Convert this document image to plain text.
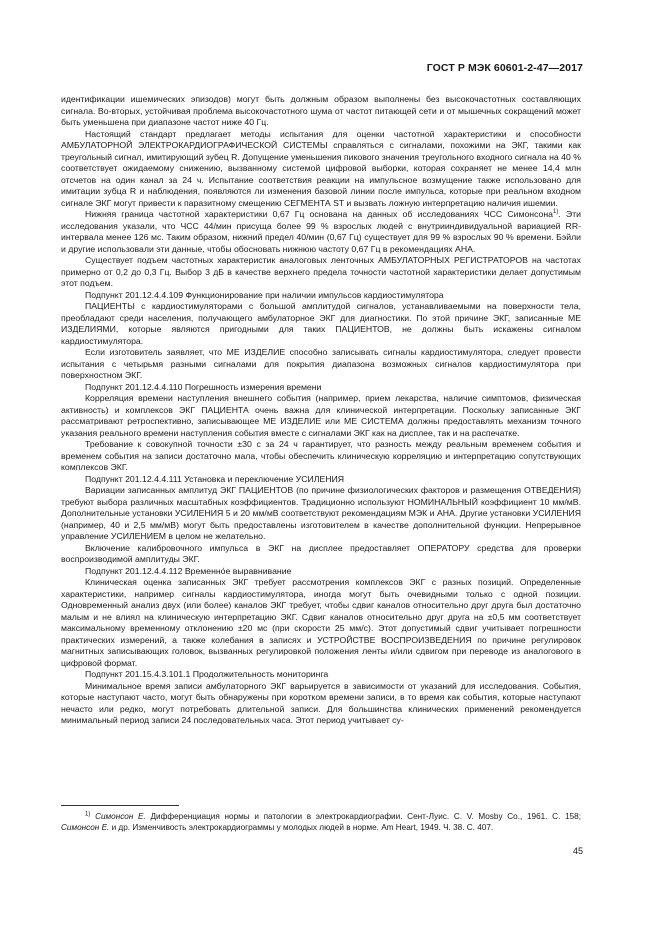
ГОСТ Р МЭК 60601-2-47—2017

идентификации ишемических эпизодов) могут быть должным образом выполнены без высокочастотных составляющих сигнала. Во-вторых, устойчивая проблема высокочастотного шума от частот питающей сети и от мышечных сокращений может быть уменьшена при диапазоне частот ниже 40 Гц.

Настоящий стандарт предлагает методы испытания для оценки частотной характеристики и способности АМБУЛАТОРНОЙ ЭЛЕКТРОКАРДИОГРАФИЧЕСКОЙ СИСТЕМЫ справляться с сигналами, похожими на ЭКГ, такими как треугольный сигнал, имитирующий зубец R. Допущение уменьшения пикового значения треугольного входного сигнала на 40 % соответствует ожидаемому снижению, вызванному системой цифровой выборки, которая сохраняет не менее 14,4 млн отсчетов на один канал за 24 ч. Испытание соответствия реакции на импульсное возмущение также использовано для имитации зубца R и наблюдения, появляются ли изменения базовой линии после импульса, которые при реальном входном сигнале ЭКГ могут привести к паразитному смещению СЕГМЕНТА ST и вызвать ложную интерпретацию наличия ишемии.

Нижняя граница частотной характеристики 0,67 Гц основана на данных об исследованиях ЧСС Симонсона$^{1)}$. Эти исследования указали, что ЧСС 44/мин присуща более 99 % взрослых людей с внутрииндивидуальной вариацией RR-интервала менее 126 мс. Таким образом, нижний предел 40/мин (0,67 Гц) существует для 99 % взрослых 90 % времени. Бэйли и другие использовали эти данные, чтобы обосновать нижнюю частоту 0,67 Гц в рекомендациях АНА.

Существует подъем частотных характеристик аналоговых ленточных АМБУЛАТОРНЫХ РЕГИСТРАТОРОВ на частотах примерно от 0,2 до 0,3 Гц. Выбор 3 дБ в качестве верхнего предела точности частотной характеристики делает допустимым этот подъем.

Подпункт 201.12.4.4.109 Функционирование при наличии импульсов кардиостимулятора

ПАЦИЕНТЫ с кардиостимуляторами с большой амплитудой сигналов, устанавливаемыми на поверхности тела, преобладают среди населения, получающего амбулаторное ЭКГ для диагностики. По этой причине ЭКГ, записанные МЕ ИЗДЕЛИЯМИ, которые являются пригодными для таких ПАЦИЕНТОВ, не должны быть искажены сигналом кардиостимулятора.

Если изготовитель заявляет, что МЕ ИЗДЕЛИЕ способно записывать сигналы кардиостимулятора, следует провести испытания с четырьмя разными сигналами для покрытия диапазона возможных сигналов кардиостимулятора при поверхностном ЭКГ.

Подпункт 201.12.4.4.110 Погрешность измерения времени

Корреляция времени наступления внешнего события (например, прием лекарства, наличие симптомов, физическая активность) и комплексов ЭКГ ПАЦИЕНТА очень важна для клинической интерпретации. Поскольку записанные ЭКГ рассматривают ретроспективно, записывающее МЕ ИЗДЕЛИЕ или МЕ СИСТЕМА должны предоставлять механизм точного указания реального времени наступления события вместе с сигналами ЭКГ как на дисплее, так и на распечатке.

Требование к совокупной точности ±30 с за 24 ч гарантирует, что разность между реальным временем события и временем события на записи достаточно мала, чтобы обеспечить клиническую корреляцию и интерпретацию сопутствующих комплексов ЭКГ.

Подпункт 201.12.4.4.111 Установка и переключение УСИЛЕНИЯ

Вариации записанных амплитуд ЭКГ ПАЦИЕНТОВ (по причине физиологических факторов и размещения ОТВЕДЕНИЯ) требуют выбора различных масштабных коэффициентов. Традиционно используют НОМИНАЛЬНЫЙ коэффициент 10 мм/мВ. Дополнительные установки УСИЛЕНИЯ 5 и 20 мм/мВ соответствуют рекомендациям МЭК и АНА. Другие установки УСИЛЕНИЯ (например, 40 и 2,5 мм/мВ) могут быть предоставлены изготовителем в качестве дополнительной функции. Непрерывное управление УСИЛЕНИЕМ в целом не желательно.

Включение калибровочного импульса в ЭКГ на дисплее предоставляет ОПЕРАТОРУ средства для проверки воспроизводимой амплитуды ЭКГ.

Подпункт 201.12.4.4.112 Временно́е выравнивание

Клиническая оценка записанных ЭКГ требует рассмотрения комплексов ЭКГ с разных позиций. Определенные характеристики, например сигналы кардиостимулятора, иногда могут быть очевидными только с одной позиции. Одновременный анализ двух (или более) каналов ЭКГ требует, чтобы сдвиг каналов относительно друг друга был достаточно малым и не влиял на клиническую интерпретацию ЭКГ. Сдвиг каналов относительно друг друга на ±0,5 мм соответствует максимальному временному отклонению ±20 мс (при скорости 25 мм/с). Этот допустимый сдвиг учитывает погрешности практических измерений, а также колебания в записях и УСТРОЙСТВЕ ВОСПРОИЗВЕДЕНИЯ по причине регулировок магнитных записывающих головок, вызванных регулировкой положения ленты и/или сдвигом при переводе из аналогового в цифровой формат.

Подпункт 201.15.4.3.101.1 Продолжительность мониторинга

Минимальное время записи амбулаторного ЭКГ варьируется в зависимости от указаний для исследования. События, которые наступают часто, могут быть обнаружены при коротком времени записи, в то время как события, которые наступают нечасто или редко, могут потребовать длительной записи. Для большинства клинических применений рекомендуется минимальный период записи 24 последовательных часа. Этот период учитывает су-

$^{1)}$ Симонсон Е. Дифференциация нормы и патологии в электрокардиографии. Сент-Луис. С. V. Mosby Co., 1961. С. 158; Симонсон Е. и др. Изменчивость электрокардиограммы у молодых людей в норме. Am Heart, 1949. Ч. 38. С. 407.

45
